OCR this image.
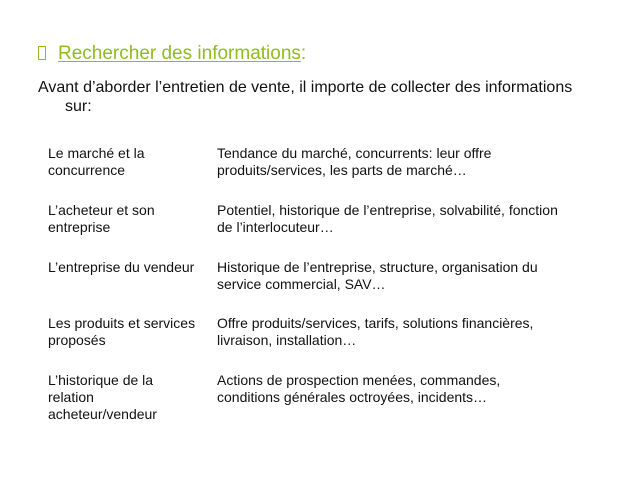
Rechercher des informations:
Avant d’aborder l’entretien de vente, il importe de collecter des informations sur:
Le marché et la concurrence
Tendance du marché, concurrents: leur offre produits/services, les parts de marché…
L’acheteur et son entreprise
Potentiel, historique de l’entreprise, solvabilité, fonction de l’interlocuteur…
L’entreprise du vendeur Historique de l’entreprise, structure, organisation du service commercial, SAV…
Les produits et services proposés
Offre produits/services, tarifs, solutions financières, livraison, installation…
L’historique de la relation acheteur/vendeur
Actions de prospection menées, commandes, conditions générales octroyées, incidents…
